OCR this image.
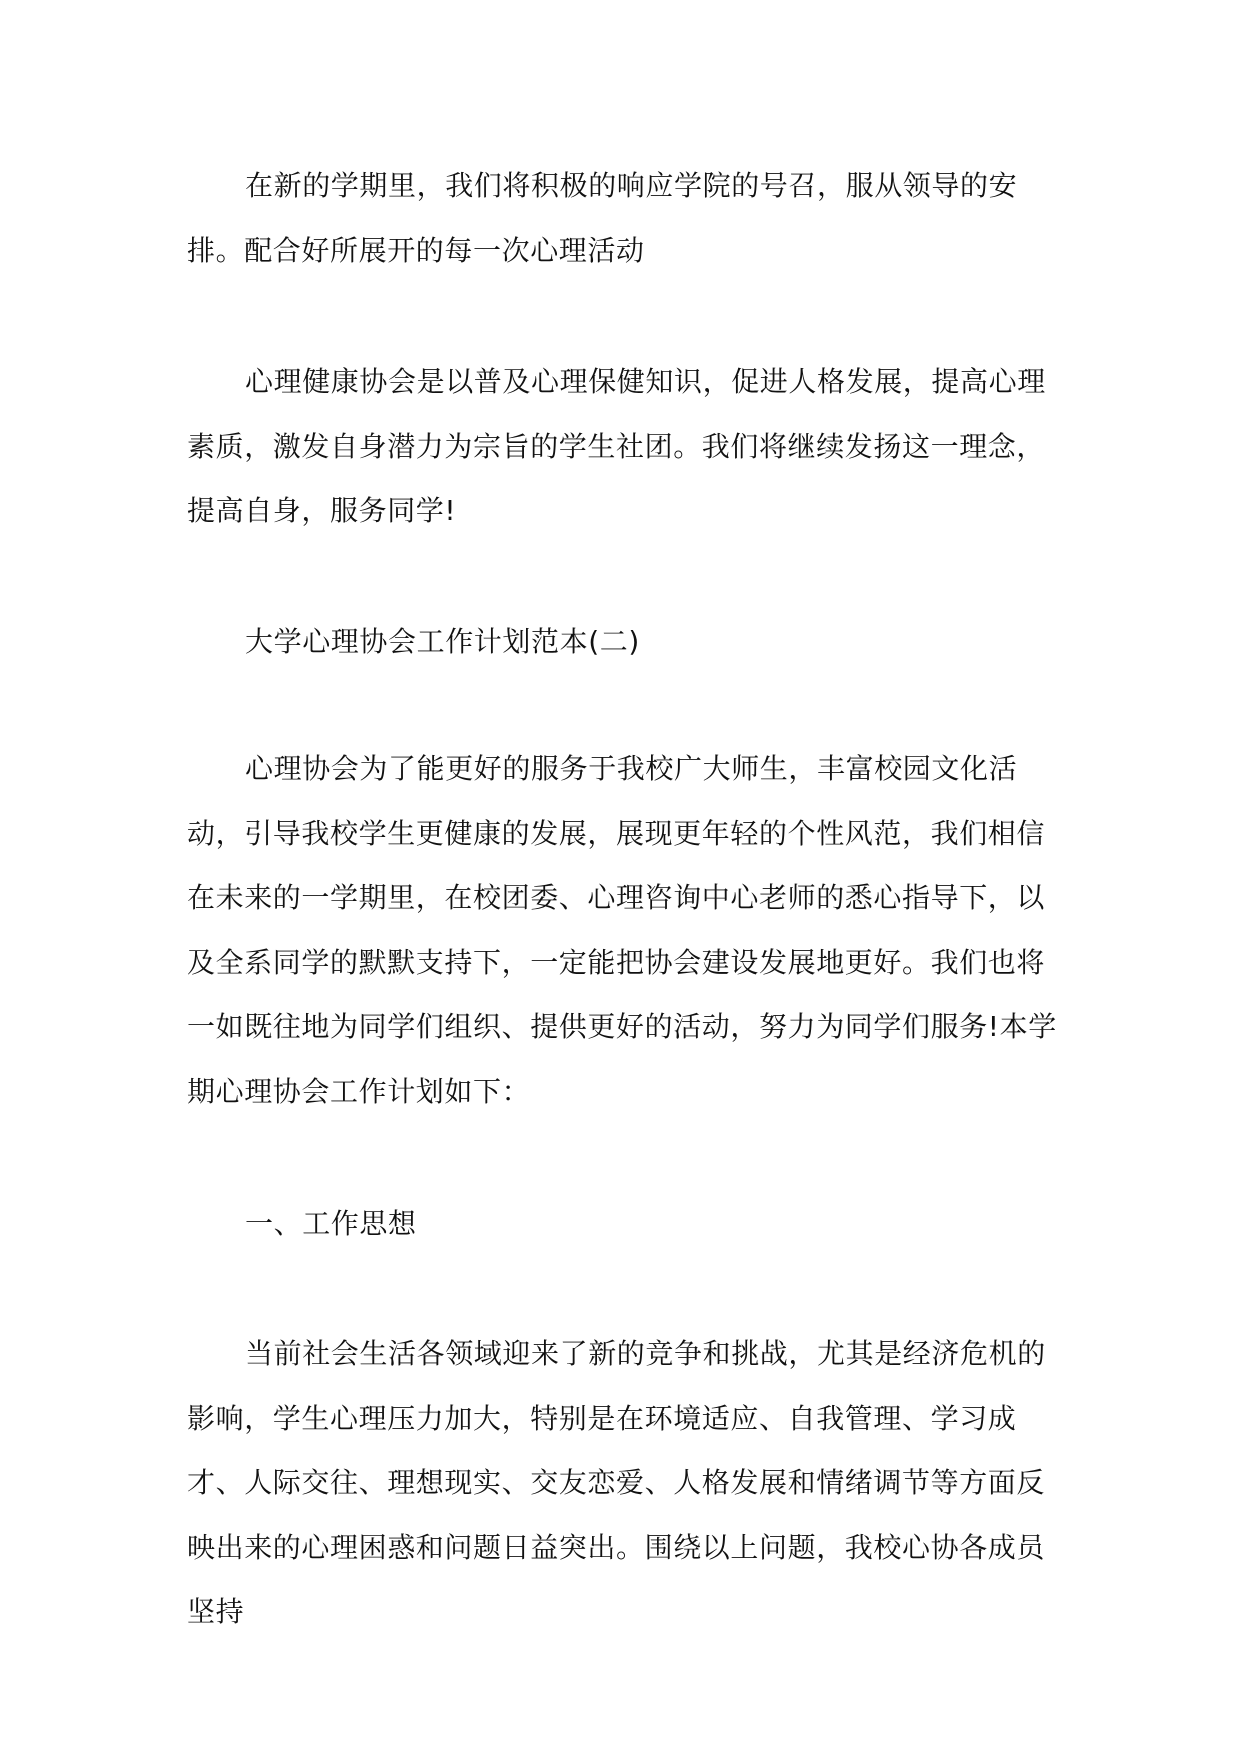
在新的学期里，我们将积极的响应学院的号召，服从领导的安排。配合好所展开的每一次心理活动

心理健康协会是以普及心理保健知识，促进人格发展，提高心理素质，激发自身潜力为宗旨的学生社团。我们将继续发扬这一理念，提高自身，服务同学!

大学心理协会工作计划范本(二)

心理协会为了能更好的服务于我校广大师生，丰富校园文化活动，引导我校学生更健康的发展，展现更年轻的个性风范，我们相信在未来的一学期里，在校团委、心理咨询中心老师的悉心指导下，以及全系同学的默默支持下，一定能把协会建设发展地更好。我们也将一如既往地为同学们组织、提供更好的活动，努力为同学们服务!本学期心理协会工作计划如下：

一、工作思想

当前社会生活各领域迎来了新的竞争和挑战，尤其是经济危机的影响，学生心理压力加大，特别是在环境适应、自我管理、学习成才、人际交往、理想现实、交友恋爱、人格发展和情绪调节等方面反映出来的心理困惑和问题日益突出。围绕以上问题，我校心协各成员坚持
